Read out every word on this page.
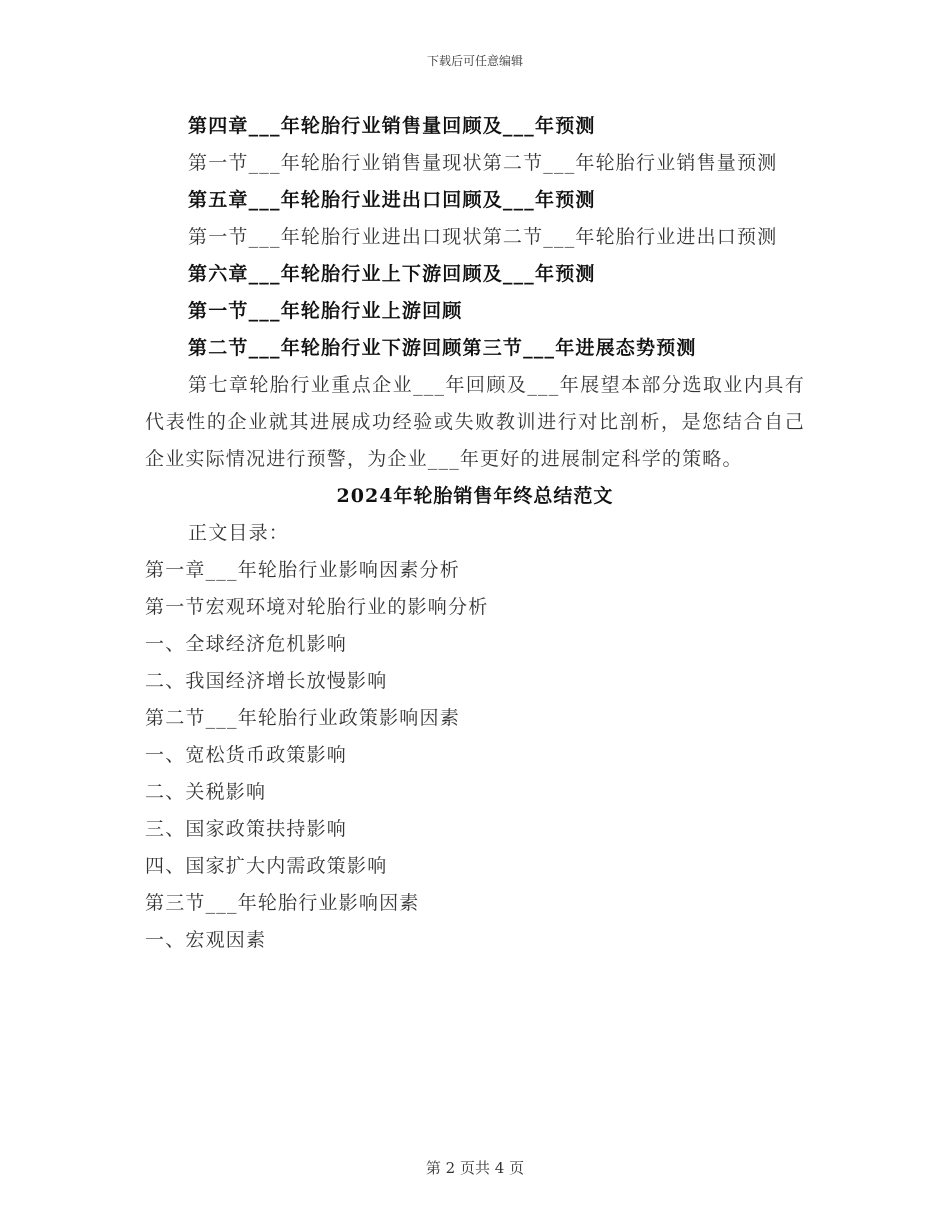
下载后可任意编辑

第四章___年轮胎行业销售量回顾及___年预测

第一节___年轮胎行业销售量现状第二节___年轮胎行业销售量预测

第五章___年轮胎行业进出口回顾及___年预测

第一节___年轮胎行业进出口现状第二节___年轮胎行业进出口预测

第六章___年轮胎行业上下游回顾及___年预测

第一节___年轮胎行业上游回顾

第二节___年轮胎行业下游回顾第三节___年进展态势预测

第七章轮胎行业重点企业___年回顾及___年展望本部分选取业内具有代表性的企业就其进展成功经验或失败教训进行对比剖析，是您结合自己企业实际情况进行预警，为企业___年更好的进展制定科学的策略。

2024年轮胎销售年终总结范文

正文目录：

第一章___年轮胎行业影响因素分析

第一节宏观环境对轮胎行业的影响分析

一、全球经济危机影响

二、我国经济增长放慢影响

第二节___年轮胎行业政策影响因素

一、宽松货币政策影响

二、关税影响

三、国家政策扶持影响

四、国家扩大内需政策影响

第三节___年轮胎行业影响因素

一、宏观因素

第 2 页共 4 页
